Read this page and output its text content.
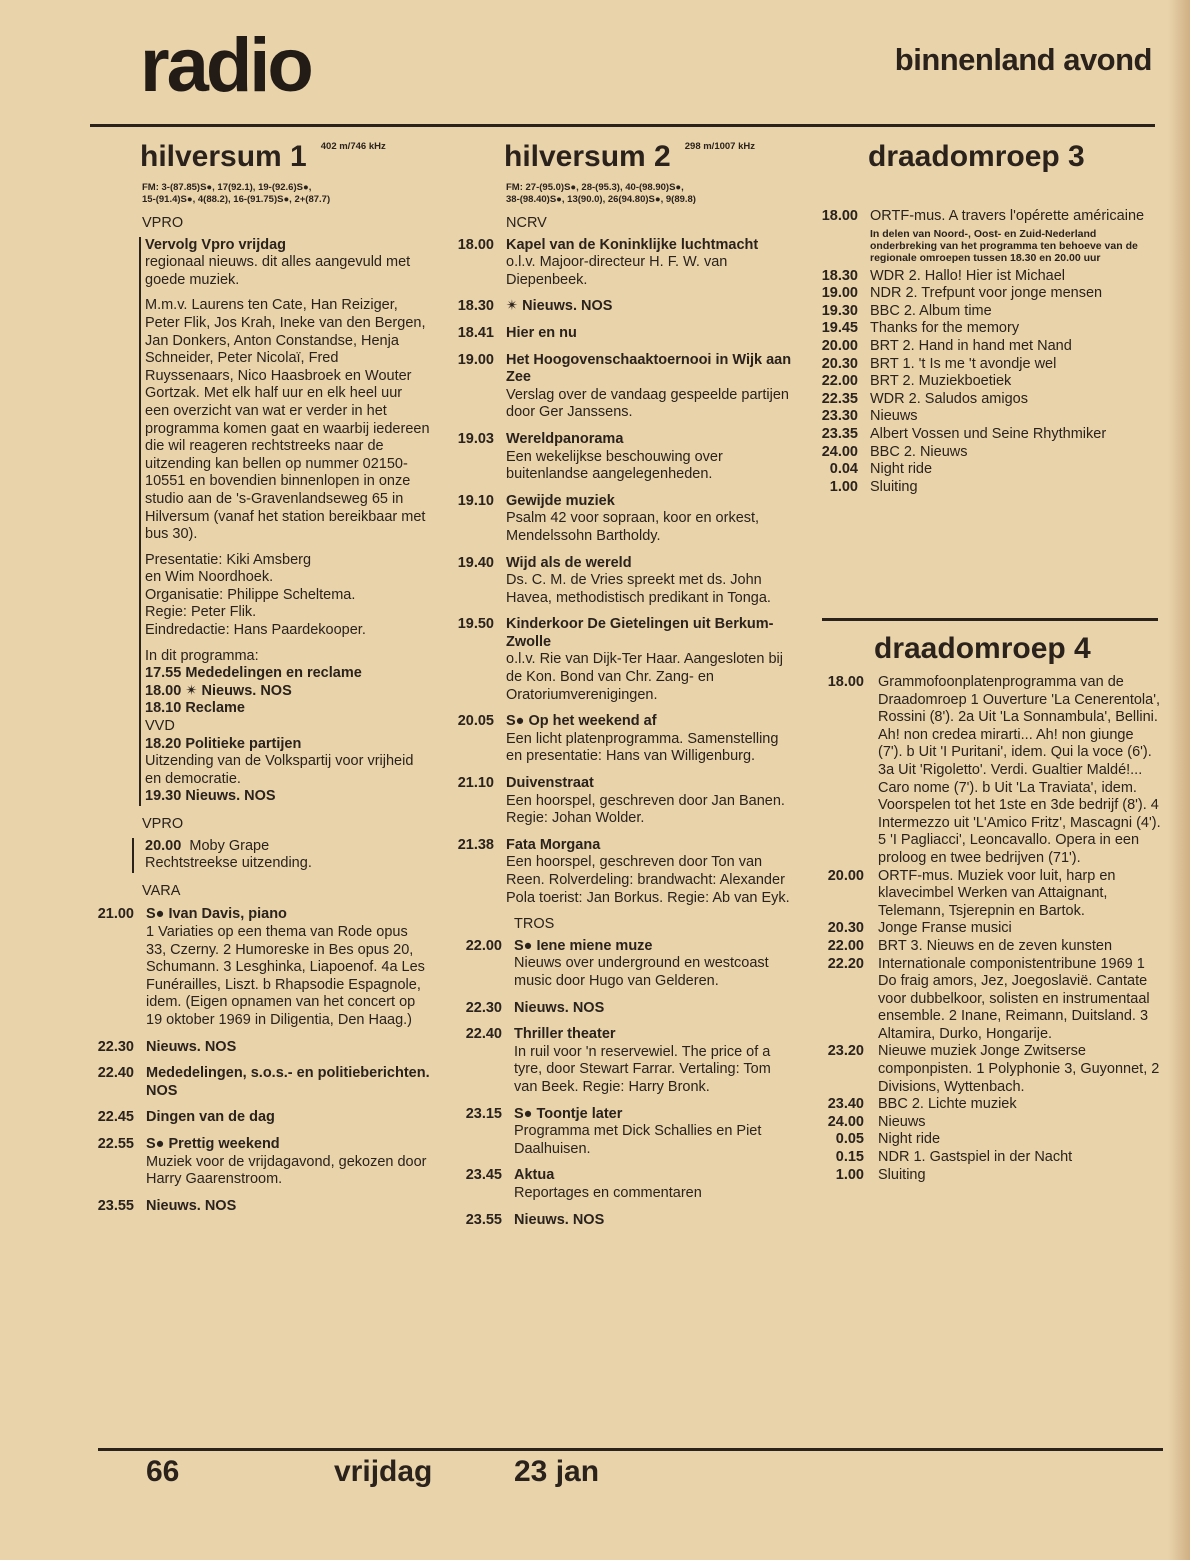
radio	binnenland avond
hilversum 1 402 m/746 kHz
FM: 3-(87.85)S●, 17(92.1), 19-(92.6)S●,
15-(91.4)S●, 4(88.2), 16-(91.75)S●, 2+(87.7)
VPRO
Vervolg Vpro vrijdag
regionaal nieuws. dit alles aangevuld met goede muziek.
M.m.v. Laurens ten Cate, Han Reiziger, Peter Flik, Jos Krah, Ineke van den Bergen, Jan Donkers, Anton Constandse, Henja Schneider, Peter Nicolaï, Fred Ruyssenaars, Nico Haasbroek en Wouter Gortzak. Met elk half uur en elk heel uur een overzicht van wat er verder in het programma komen gaat en waarbij iedereen die wil reageren rechtstreeks naar de uitzending kan bellen op nummer 02150-10551 en bovendien binnenlopen in onze studio aan de 's-Gravenlandseweg 65 in Hilversum (vanaf het station bereikbaar met bus 30).
Presentatie: Kiki Amsberg
en Wim Noordhoek.
Organisatie: Philippe Scheltema.
Regie: Peter Flik.
Eindredactie: Hans Paardekooper.
In dit programma:
17.55 Mededelingen en reclame
18.00 ✴ Nieuws. NOS
18.10 Reclame
VVD
18.20 Politieke partijen
Uitzending van de Volkspartij voor vrijheid en democratie.
19.30 Nieuws. NOS
VPRO
20.00 Moby Grape
Rechtstreekse uitzending.
VARA
21.00 S● Ivan Davis, piano
1 Variaties op een thema van Rode opus 33, Czerny. 2 Humoreske in Bes opus 20, Schumann. 3 Lesghinka, Liapoenof. 4a Les Funérailles, Liszt. b Rhapsodie Espagnole, idem. (Eigen opnamen van het concert op 19 oktober 1969 in Diligentia, Den Haag.)
22.30 Nieuws. NOS
22.40 Mededelingen, s.o.s.- en politieberichten. NOS
22.45 Dingen van de dag
22.55 S● Prettig weekend
Muziek voor de vrijdagavond, gekozen door Harry Gaarenstroom.
23.55 Nieuws. NOS
hilversum 2 298 m/1007 kHz
FM: 27-(95.0)S●, 28-(95.3), 40-(98.90)S●,
38-(98.40)S●, 13(90.0), 26(94.80)S●, 9(89.8)
NCRV
18.00 Kapel van de Koninklijke luchtmacht
o.l.v. Majoor-directeur H. F. W. van Diepenbeek.
18.30 ✴ Nieuws. NOS
18.41 Hier en nu
19.00 Het Hoogovenschaaktoernooi in Wijk aan Zee
Verslag over de vandaag gespeelde partijen door Ger Janssens.
19.03 Wereldpanorama
Een wekelijkse beschouwing over buitenlandse aangelegenheden.
19.10 Gewijde muziek
Psalm 42 voor sopraan, koor en orkest, Mendelssohn Bartholdy.
19.40 Wijd als de wereld
Ds. C. M. de Vries spreekt met ds. John Havea, methodistisch predikant in Tonga.
19.50 Kinderkoor De Gietelingen uit Berkum-Zwolle
o.l.v. Rie van Dijk-Ter Haar. Aangesloten bij de Kon. Bond van Chr. Zang- en Oratoriumverenigingen.
20.05 S● Op het weekend af
Een licht platenprogramma. Samenstelling en presentatie: Hans van Willigenburg.
21.10 Duivenstraat
Een hoorspel, geschreven door Jan Banen. Regie: Johan Wolder.
21.38 Fata Morgana
Een hoorspel, geschreven door Ton van Reen. Rolverdeling: brandwacht: Alexander Pola toerist: Jan Borkus. Regie: Ab van Eyk.
TROS
22.00 S● Iene miene muze
Nieuws over underground en westcoast music door Hugo van Gelderen.
22.30 Nieuws. NOS
22.40 Thriller theater
In ruil voor 'n reservewiel. The price of a tyre, door Stewart Farrar. Vertaling: Tom van Beek. Regie: Harry Bronk.
23.15 S● Toontje later
Programma met Dick Schallies en Piet Daalhuisen.
23.45 Aktua
Reportages en commentaren
23.55 Nieuws. NOS
draadomroep 3
18.00 ORTF-mus. A travers l'opérette américaine
In delen van Noord-, Oost- en Zuid-Nederland onderbreking van het programma ten behoeve van de regionale omroepen tussen 18.30 en 20.00 uur
18.30 WDR 2. Hallo! Hier ist Michael
19.00 NDR 2. Trefpunt voor jonge mensen
19.30 BBC 2. Album time
19.45 Thanks for the memory
20.00 BRT 2. Hand in hand met Nand
20.30 BRT 1. 't Is me 't avondje wel
22.00 BRT 2. Muziekboetiek
22.35 WDR 2. Saludos amigos
23.30 Nieuws
23.35 Albert Vossen und Seine Rhythmiker
24.00 BBC 2. Nieuws
0.04 Night ride
1.00 Sluiting
draadomroep 4
18.00 Grammofoonplatenprogramma van de Draadomroep 1 Ouverture 'La Cenerentola', Rossini (8'). 2a Uit 'La Sonnambula', Bellini. Ah! non credea mirarti... Ah! non giunge (7'). b Uit 'I Puritani', idem. Qui la voce (6'). 3a Uit 'Rigoletto'. Verdi. Gualtier Maldé!... Caro nome (7'). b Uit 'La Traviata', idem. Voorspelen tot het 1ste en 3de bedrijf (8'). 4 Intermezzo uit 'L'Amico Fritz', Mascagni (4'). 5 'I Pagliacci', Leoncavallo. Opera in een proloog en twee bedrijven (71').
20.00 ORTF-mus. Muziek voor luit, harp en klavecimbel Werken van Attaignant, Telemann, Tsjerepnin en Bartok.
20.30 Jonge Franse musici
22.00 BRT 3. Nieuws en de zeven kunsten
22.20 Internationale componistentribune 1969 1 Do fraig amors, Jez, Joegoslavië. Cantate voor dubbelkoor, solisten en instrumentaal ensemble. 2 Inane, Reimann, Duitsland. 3 Altamira, Durko, Hongarije.
23.20 Nieuwe muziek Jonge Zwitserse componpisten. 1 Polyphonie 3, Guyonnet, 2 Divisions, Wyttenbach.
23.40 BBC 2. Lichte muziek
24.00 Nieuws
0.05 Night ride
0.15 NDR 1. Gastspiel in der Nacht
1.00 Sluiting
66	vrijdag	23 jan
